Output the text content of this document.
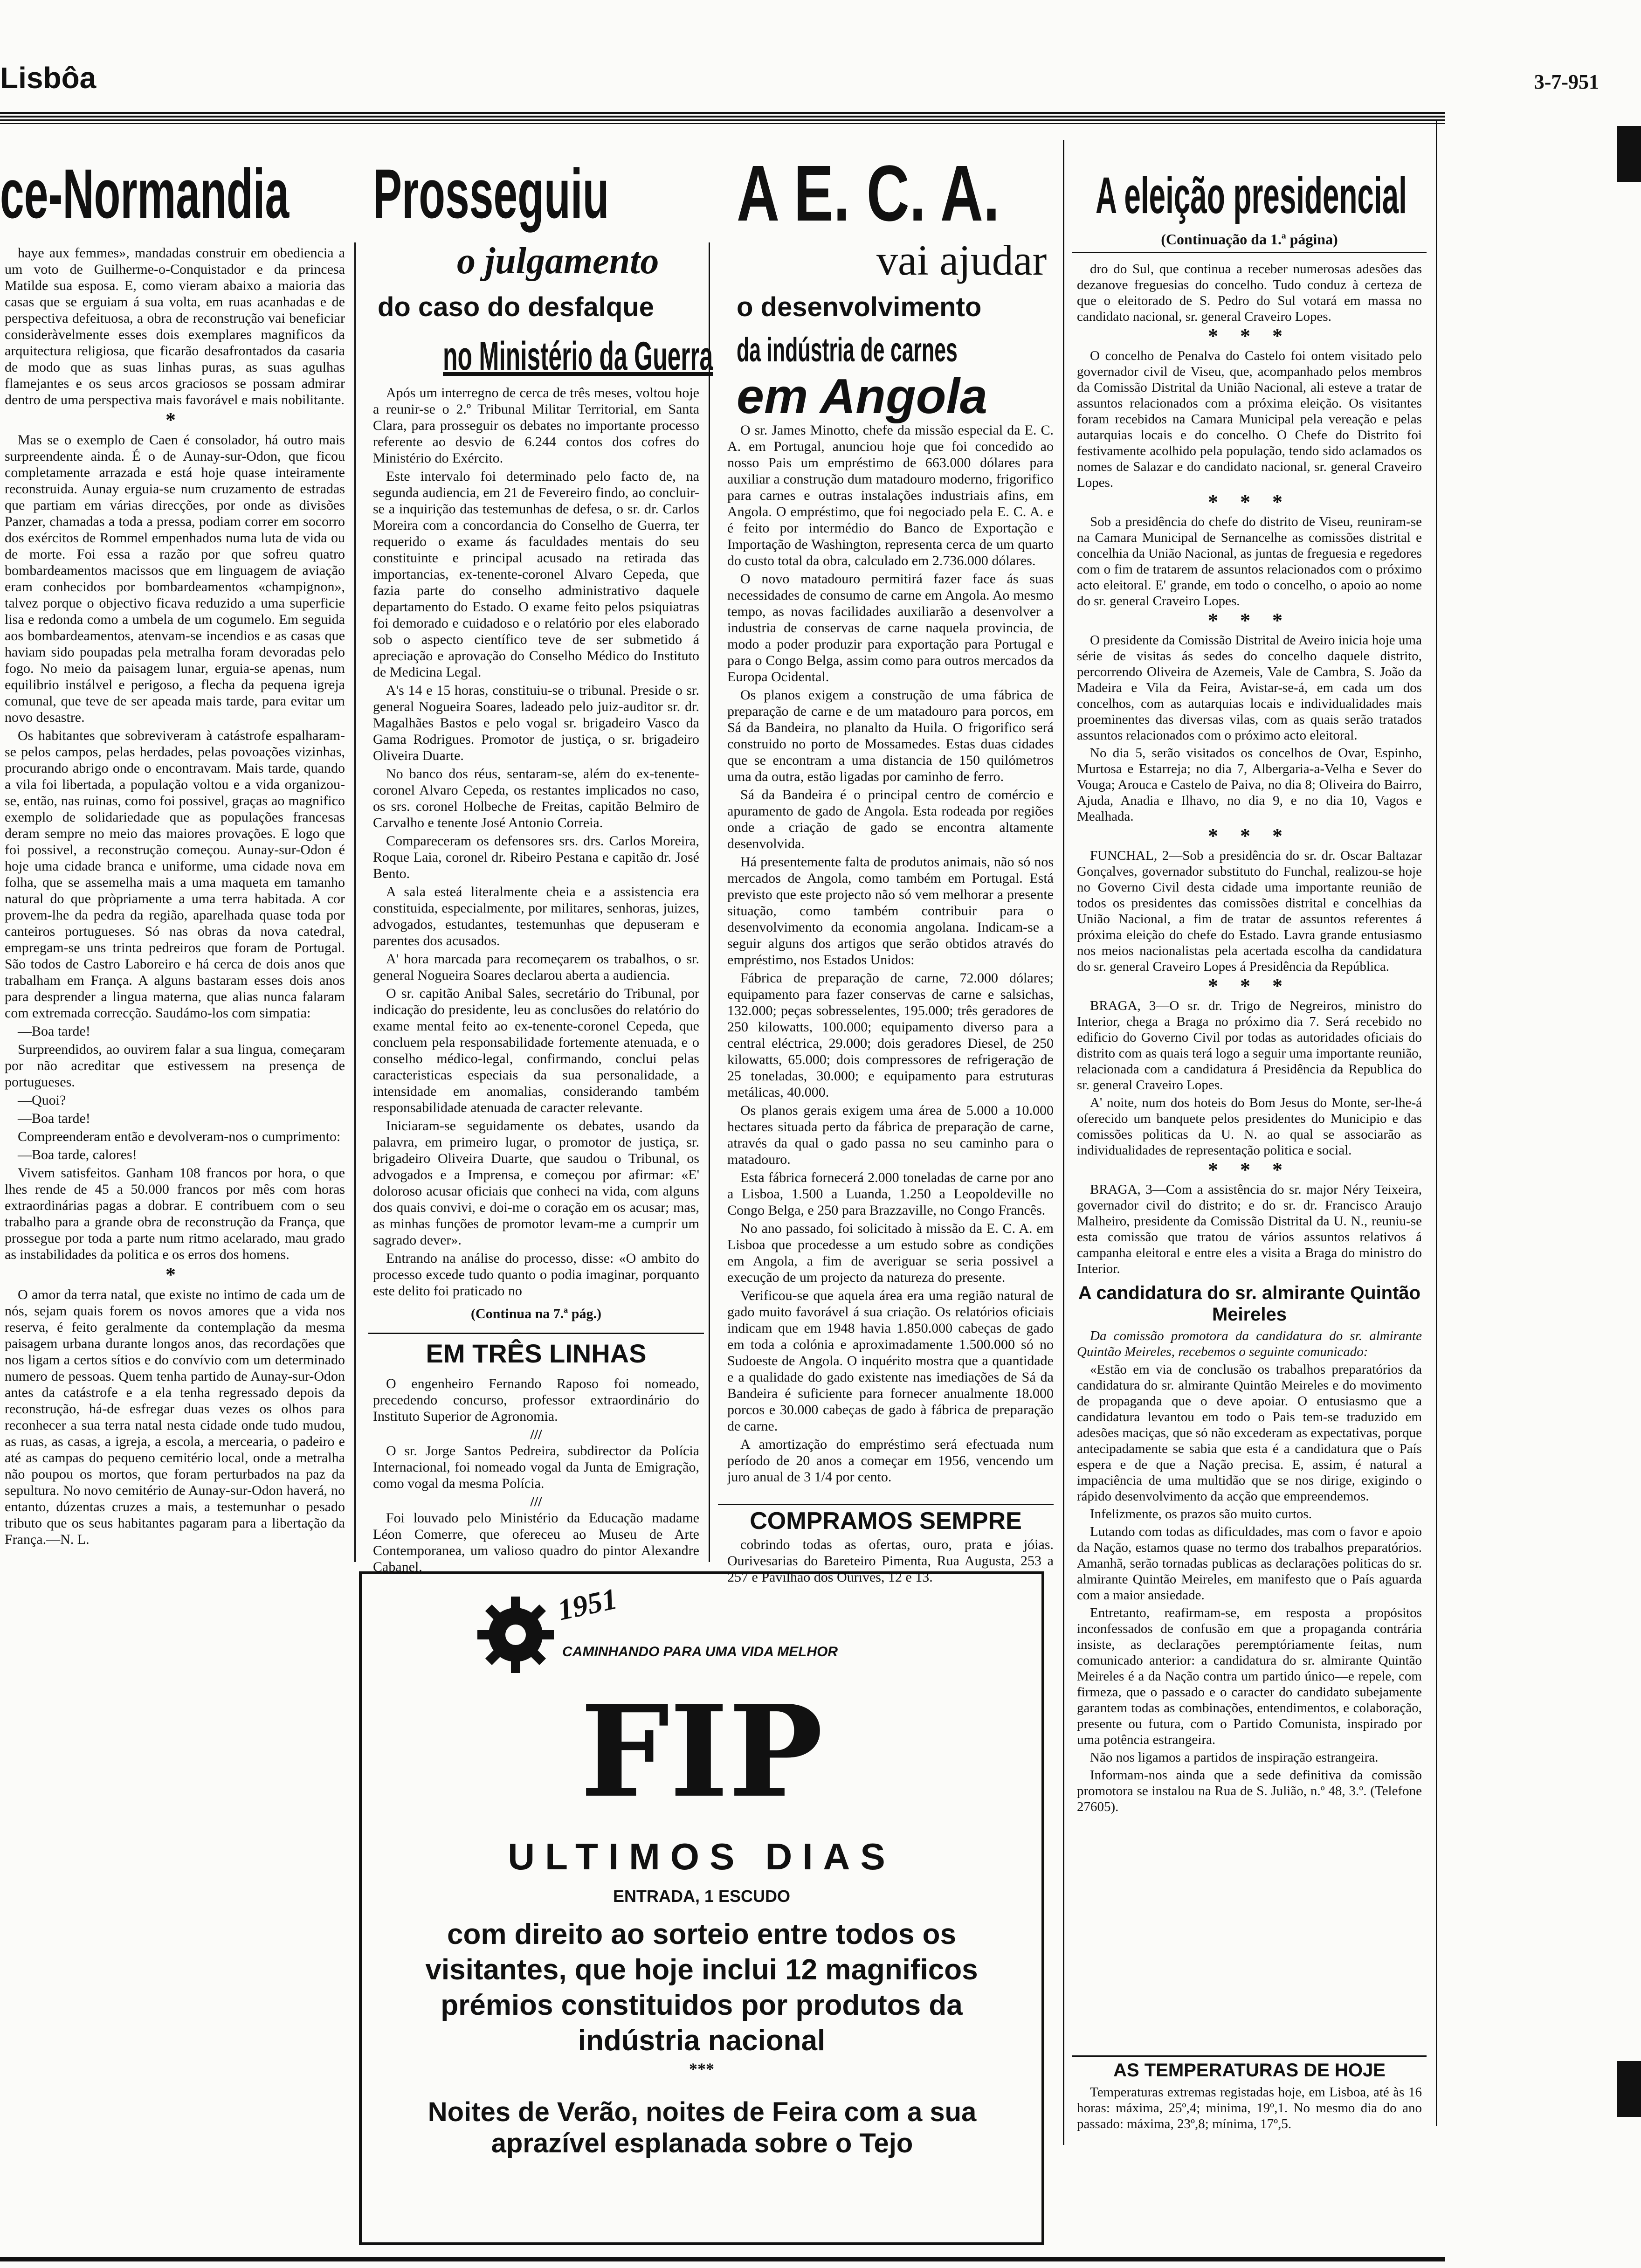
Lisbôa	3-7-951
ce-Normandia

haye aux femmes», mandadas construir em obediencia a um voto de Guilherme-o-Conquistador e da princesa Matilde sua esposa. E, como vieram abaixo a maioria das casas que se erguiam á sua volta, em ruas acanhadas e de perspectiva defeituosa, a obra de reconstrução vai beneficiar consideràvelmente esses dois exemplares magnificos da arquitectura religiosa, que ficarão desafrontados da casaria de modo que as suas linhas puras, as suas agulhas flamejantes e os seus arcos graciosos se possam admirar dentro de uma perspectiva mais favorável e mais nobilitante.

*

Mas se o exemplo de Caen é consolador, há outro mais surpreendente ainda. É o de Aunay-sur-Odon, que ficou completamente arrazada e está hoje quase inteiramente reconstruida. Aunay erguia-se num cruzamento de estradas que partiam em várias direcções, por onde as divisões Panzer, chamadas a toda a pressa, podiam correr em socorro dos exércitos de Rommel empenhados numa luta de vida ou de morte. Foi essa a razão por que sofreu quatro bombardeamentos macissos que em linguagem de aviação eram conhecidos por bombardeamentos «champignon», talvez porque o objectivo ficava reduzido a uma superficie lisa e redonda como a umbela de um cogumelo. Em seguida aos bombardeamentos, atenvam-se incendios e as casas que haviam sido poupadas pela metralha foram devoradas pelo fogo. No meio da paisagem lunar, erguia-se apenas, num equilibrio instálvel e perigoso, a flecha da pequena igreja comunal, que teve de ser apeada mais tarde, para evitar um novo desastre.

Os habitantes que sobreviveram à catástrofe espalharam-se pelos campos, pelas herdades, pelas povoações vizinhas, procurando abrigo onde o encontravam. Mais tarde, quando a vila foi libertada, a população voltou e a vida organizou-se, então, nas ruinas, como foi possivel, graças ao magnifico exemplo de solidariedade que as populações francesas deram sempre no meio das maiores provações. E logo que foi possivel, a reconstrução começou. Aunay-sur-Odon é hoje uma cidade branca e uniforme, uma cidade nova em folha, que se assemelha mais a uma maqueta em tamanho natural do que pròpriamente a uma terra habitada. A cor provem-lhe da pedra da região, aparelhada quase toda por canteiros portugueses. Só nas obras da nova catedral, empregam-se uns trinta pedreiros que foram de Portugal. São todos de Castro Laboreiro e há cerca de dois anos que trabalham em França. A alguns bastaram esses dois anos para desprender a lingua materna, que alias nunca falaram com extremada correcção. Saudámo-los com simpatia:

—Boa tarde!

Surpreendidos, ao ouvirem falar a sua lingua, começaram por não acreditar que estivessem na presença de portugueses.

—Quoi?

—Boa tarde!

Compreenderam então e devolveram-nos o cumprimento:

—Boa tarde, calores!

Vivem satisfeitos. Ganham 108 francos por hora, o que lhes rende de 45 a 50.000 francos por mês com horas extraordinárias pagas a dobrar. E contribuem com o seu trabalho para a grande obra de reconstrução da França, que prossegue por toda a parte num ritmo acelarado, mau grado as instabilidades da politica e os erros dos homens.

*

O amor da terra natal, que existe no intimo de cada um de nós, sejam quais forem os novos amores que a vida nos reserva, é feito geralmente da contemplação da mesma paisagem urbana durante longos anos, das recordações que nos ligam a certos sítios e do convívio com um determinado numero de pessoas. Quem tenha partido de Aunay-sur-Odon antes da catástrofe e a ela tenha regressado depois da reconstrução, há-de esfregar duas vezes os olhos para reconhecer a sua terra natal nesta cidade onde tudo mudou, as ruas, as casas, a igreja, a escola, a mercearia, o padeiro e até as campas do pequeno cemitério local, onde a metralha não poupou os mortos, que foram perturbados na paz da sepultura. No novo cemitério de Aunay-sur-Odon haverá, no entanto, dúzentas cruzes a mais, a testemunhar o pesado tributo que os seus habitantes pagaram para a libertação da França.—N. L.

Prosseguiu
o julgamento
do caso do desfalque
no Ministério da Guerra

Após um interregno de cerca de três meses, voltou hoje a reunir-se o 2.º Tribunal Militar Territorial, em Santa Clara, para prosseguir os debates no importante processo referente ao desvio de 6.244 contos dos cofres do Ministério do Exército.

Este intervalo foi determinado pelo facto de, na segunda audiencia, em 21 de Fevereiro findo, ao concluir-se a inquirição das testemunhas de defesa, o sr. dr. Carlos Moreira com a concordancia do Conselho de Guerra, ter requerido o exame ás faculdades mentais do seu constituinte e principal acusado na retirada das importancias, ex-tenente-coronel Alvaro Cepeda, que fazia parte do conselho administrativo daquele departamento do Estado. O exame feito pelos psiquiatras foi demorado e cuidadoso e o relatório por eles elaborado sob o aspecto científico teve de ser submetido á apreciação e aprovação do Conselho Médico do Instituto de Medicina Legal.

A's 14 e 15 horas, constituiu-se o tribunal. Preside o sr. general Nogueira Soares, ladeado pelo juiz-auditor sr. dr. Magalhães Bastos e pelo vogal sr. brigadeiro Vasco da Gama Rodrigues. Promotor de justiça, o sr. brigadeiro Oliveira Duarte.

No banco dos réus, sentaram-se, além do ex-tenente-coronel Alvaro Cepeda, os restantes implicados no caso, os srs. coronel Holbeche de Freitas, capitão Belmiro de Carvalho e tenente José Antonio Correia.

Compareceram os defensores srs. drs. Carlos Moreira, Roque Laia, coronel dr. Ribeiro Pestana e capitão dr. José Bento.

A sala esteá literalmente cheia e a assistencia era constituida, especialmente, por militares, senhoras, juizes, advogados, estudantes, testemunhas que depuseram e parentes dos acusados.

A' hora marcada para recomeçarem os trabalhos, o sr. general Nogueira Soares declarou aberta a audiencia.

O sr. capitão Anibal Sales, secretário do Tribunal, por indicação do presidente, leu as conclusões do relatório do exame mental feito ao ex-tenente-coronel Cepeda, que concluem pela responsabilidade fortemente atenuada, e o conselho médico-legal, confirmando, conclui pelas caracteristicas especiais da sua personalidade, a intensidade em anomalias, considerando também responsabilidade atenuada de caracter relevante.

Iniciaram-se seguidamente os debates, usando da palavra, em primeiro lugar, o promotor de justiça, sr. brigadeiro Oliveira Duarte, que saudou o Tribunal, os advogados e a Imprensa, e começou por afirmar: «E' doloroso acusar oficiais que conheci na vida, com alguns dos quais convivi, e doi-me o coração em os acusar; mas, as minhas funções de promotor levam-me a cumprir um sagrado dever».

Entrando na análise do processo, disse: «O ambito do processo excede tudo quanto o podia imaginar, porquanto este delito foi praticado no

(Continua na 7.ª pág.)
EM TRÊS LINHAS

O engenheiro Fernando Raposo foi nomeado, precedendo concurso, professor extraordinário do Instituto Superior de Agronomia.

///

O sr. Jorge Santos Pedreira, subdirector da Polícia Internacional, foi nomeado vogal da Junta de Emigração, como vogal da mesma Polícia.

///

Foi louvado pelo Ministério da Educação madame Léon Comerre, que ofereceu ao Museu de Arte Contemporanea, um valioso quadro do pintor Alexandre Cabanel.

A E. C. A.
vai ajudar
o desenvolvimento
da indústria de carnes
em Angola

O sr. James Minotto, chefe da missão especial da E. C. A. em Portugal, anunciou hoje que foi concedido ao nosso Pais um empréstimo de 663.000 dólares para auxiliar a construção dum matadouro moderno, frigorifico para carnes e outras instalações industriais afins, em Angola. O empréstimo, que foi negociado pela E. C. A. e é feito por intermédio do Banco de Exportação e Importação de Washington, representa cerca de um quarto do custo total da obra, calculado em 2.736.000 dólares.

O novo matadouro permitirá fazer face ás suas necessidades de consumo de carne em Angola. Ao mesmo tempo, as novas facilidades auxiliarão a desenvolver a industria de conservas de carne naquela provincia, de modo a poder produzir para exportação para Portugal e para o Congo Belga, assim como para outros mercados da Europa Ocidental.

Os planos exigem a construção de uma fábrica de preparação de carne e de um matadouro para porcos, em Sá da Bandeira, no planalto da Huila. O frigorifico será construido no porto de Mossamedes. Estas duas cidades que se encontram a uma distancia de 150 quilómetros uma da outra, estão ligadas por caminho de ferro.

Sá da Bandeira é o principal centro de comércio e apuramento de gado de Angola. Esta rodeada por regiões onde a criação de gado se encontra altamente desenvolvida.

Há presentemente falta de produtos animais, não só nos mercados de Angola, como também em Portugal. Está previsto que este projecto não só vem melhorar a presente situação, como também contribuir para o desenvolvimento da economia angolana. Indicam-se a seguir alguns dos artigos que serão obtidos através do empréstimo, nos Estados Unidos:

Fábrica de preparação de carne, 72.000 dólares; equipamento para fazer conservas de carne e salsichas, 132.000; peças sobresselentes, 195.000; três geradores de 250 kilowatts, 100.000; equipamento diverso para a central eléctrica, 29.000; dois geradores Diesel, de 250 kilowatts, 65.000; dois compressores de refrigeração de 25 toneladas, 30.000; e equipamento para estruturas metálicas, 40.000.

Os planos gerais exigem uma área de 5.000 a 10.000 hectares situada perto da fábrica de preparação de carne, através da qual o gado passa no seu caminho para o matadouro.

Esta fábrica fornecerá 2.000 toneladas de carne por ano a Lisboa, 1.500 a Luanda, 1.250 a Leopoldeville no Congo Belga, e 250 para Brazzaville, no Congo Francês.

No ano passado, foi solicitado à missão da E. C. A. em Lisboa que procedesse a um estudo sobre as condições em Angola, a fim de averiguar se seria possivel a execução de um projecto da natureza do presente.

Verificou-se que aquela área era uma região natural de gado muito favorável á sua criação. Os relatórios oficiais indicam que em 1948 havia 1.850.000 cabeças de gado em toda a colónia e aproximadamente 1.500.000 só no Sudoeste de Angola. O inquérito mostra que a quantidade e a qualidade do gado existente nas imediações de Sá da Bandeira é suficiente para fornecer anualmente 18.000 porcos e 30.000 cabeças de gado à fábrica de preparação de carne.

A amortização do empréstimo será efectuada num período de 20 anos a começar em 1956, vencendo um juro anual de 3 1/4 por cento.

COMPRAMOS SEMPRE

cobrindo todas as ofertas, ouro, prata e jóias. Ourivesarias do Bareteiro Pimenta, Rua Augusta, 253 a 257 e Pavilhão dos Ourives, 12 e 13.

1951
CAMINHANDO PARA UMA VIDA MELHOR
FIP
ULTIMOS DIAS
ENTRADA, 1 ESCUDO
com direito ao sorteio entre todos os visitantes, que hoje inclui 12 magnificos prémios constituidos por produtos da indústria nacional
***
Noites de Verão, noites de Feira com a sua aprazível esplanada sobre o Tejo
A eleição presidencial
(Continuação da 1.ª página)

dro do Sul, que continua a receber numerosas adesões das dezanove freguesias do concelho. Tudo conduz à certeza de que o eleitorado de S. Pedro do Sul votará em massa no candidato nacional, sr. general Craveiro Lopes.

* * *

O concelho de Penalva do Castelo foi ontem visitado pelo governador civil de Viseu, que, acompanhado pelos membros da Comissão Distrital da União Nacional, ali esteve a tratar de assuntos relacionados com a próxima eleição. Os visitantes foram recebidos na Camara Municipal pela vereação e pelas autarquias locais e do concelho. O Chefe do Distrito foi festivamente acolhido pela população, tendo sido aclamados os nomes de Salazar e do candidato nacional, sr. general Craveiro Lopes.

* * *

Sob a presidência do chefe do distrito de Viseu, reuniram-se na Camara Municipal de Sernancelhe as comissões distrital e concelhia da União Nacional, as juntas de freguesia e regedores com o fim de tratarem de assuntos relacionados com o próximo acto eleitoral. E' grande, em todo o concelho, o apoio ao nome do sr. general Craveiro Lopes.

* * *

O presidente da Comissão Distrital de Aveiro inicia hoje uma série de visitas ás sedes do concelho daquele distrito, percorrendo Oliveira de Azemeis, Vale de Cambra, S. João da Madeira e Vila da Feira, Avistar-se-á, em cada um dos concelhos, com as autarquias locais e individualidades mais proeminentes das diversas vilas, com as quais serão tratados assuntos relacionados com o próximo acto eleitoral.

No dia 5, serão visitados os concelhos de Ovar, Espinho, Murtosa e Estarreja; no dia 7, Albergaria-a-Velha e Sever do Vouga; Arouca e Castelo de Paiva, no dia 8; Oliveira do Bairro, Ajuda, Anadia e Ilhavo, no dia 9, e no dia 10, Vagos e Mealhada.

* * *

FUNCHAL, 2—Sob a presidência do sr. dr. Oscar Baltazar Gonçalves, governador substituto do Funchal, realizou-se hoje no Governo Civil desta cidade uma importante reunião de todos os presidentes das comissões distrital e concelhias da União Nacional, a fim de tratar de assuntos referentes á próxima eleição do chefe do Estado. Lavra grande entusiasmo nos meios nacionalistas pela acertada escolha da candidatura do sr. general Craveiro Lopes á Presidência da República.

* * *

BRAGA, 3—O sr. dr. Trigo de Negreiros, ministro do Interior, chega a Braga no próximo dia 7. Será recebido no edificio do Governo Civil por todas as autoridades oficiais do distrito com as quais terá logo a seguir uma importante reunião, relacionada com a candidatura á Presidência da Republica do sr. general Craveiro Lopes.

A' noite, num dos hoteis do Bom Jesus do Monte, ser-lhe-á oferecido um banquete pelos presidentes do Municipio e das comissões politicas da U. N. ao qual se associarão as individualidades de representação politica e social.

* * *

BRAGA, 3—Com a assistência do sr. major Néry Teixeira, governador civil do distrito; e do sr. dr. Francisco Araujo Malheiro, presidente da Comissão Distrital da U. N., reuniu-se esta comissão que tratou de vários assuntos relativos á campanha eleitoral e entre eles a visita a Braga do ministro do Interior.

A candidatura do sr. almirante Quintão Meireles

Da comissão promotora da candidatura do sr. almirante Quintão Meireles, recebemos o seguinte comunicado:

«Estão em via de conclusão os trabalhos preparatórios da candidatura do sr. almirante Quintão Meireles e do movimento de propaganda que o deve apoiar. O entusiasmo que a candidatura levantou em todo o Pais tem-se traduzido em adesões maciças, que só não excederam as expectativas, porque antecipadamente se sabia que esta é a candidatura que o País espera e de que a Nação precisa. E, assim, é natural a impaciência de uma multidão que se nos dirige, exigindo o rápido desenvolvimento da acção que empreendemos.

Infelizmente, os prazos são muito curtos.

Lutando com todas as dificuldades, mas com o favor e apoio da Nação, estamos quase no termo dos trabalhos preparatórios. Amanhã, serão tornadas publicas as declarações politicas do sr. almirante Quintão Meireles, em manifesto que o País aguarda com a maior ansiedade.

Entretanto, reafirmam-se, em resposta a propósitos inconfessados de confusão em que a propaganda contrária insiste, as declarações peremptóriamente feitas, num comunicado anterior: a candidatura do sr. almirante Quintão Meireles é a da Nação contra um partido único—e repele, com firmeza, que o passado e o caracter do candidato subejamente garantem todas as combinações, entendimentos, e colaboração, presente ou futura, com o Partido Comunista, inspirado por uma potência estrangeira.

Não nos ligamos a partidos de inspiração estrangeira.

Informam-nos ainda que a sede definitiva da comissão promotora se instalou na Rua de S. Julião, n.º 48, 3.º. (Telefone 27605).

AS TEMPERATURAS DE HOJE

Temperaturas extremas registadas hoje, em Lisboa, até às 16 horas: máxima, 25º,4; minima, 19º,1. No mesmo dia do ano passado: máxima, 23º,8; mínima, 17º,5.
